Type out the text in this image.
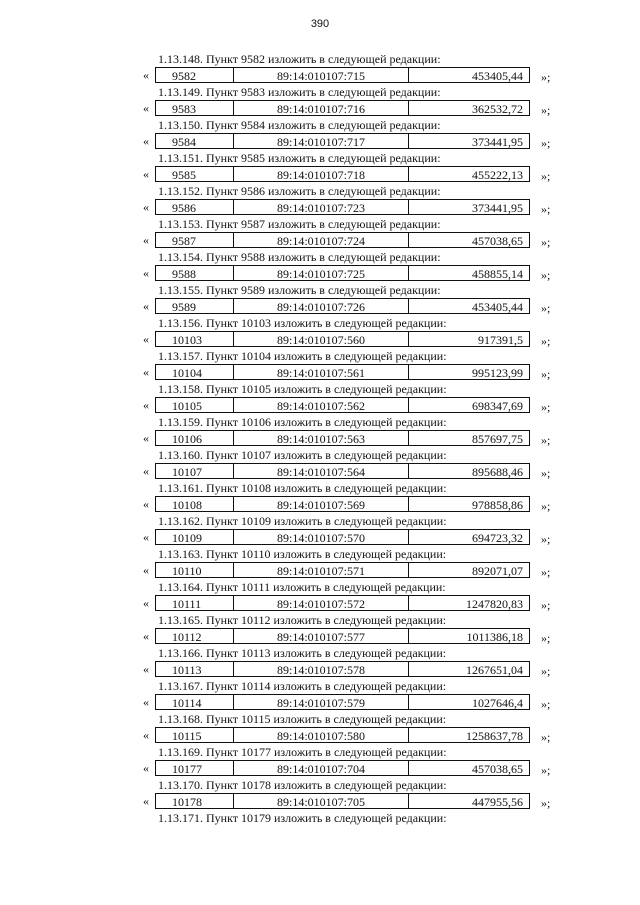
390
1.13.148. Пункт 9582 изложить в следующей редакции:
«	9582	89:14:010107:715	453405,44	»;
1.13.149. Пункт 9583 изложить в следующей редакции:
«	9583	89:14:010107:716	362532,72	»;
1.13.150. Пункт 9584 изложить в следующей редакции:
«	9584	89:14:010107:717	373441,95	»;
1.13.151. Пункт 9585 изложить в следующей редакции:
«	9585	89:14:010107:718	455222,13	»;
1.13.152. Пункт 9586 изложить в следующей редакции:
«	9586	89:14:010107:723	373441,95	»;
1.13.153. Пункт 9587 изложить в следующей редакции:
«	9587	89:14:010107:724	457038,65	»;
1.13.154. Пункт 9588 изложить в следующей редакции:
«	9588	89:14:010107:725	458855,14	»;
1.13.155. Пункт 9589 изложить в следующей редакции:
«	9589	89:14:010107:726	453405,44	»;
1.13.156. Пункт 10103 изложить в следующей редакции:
«	10103	89:14:010107:560	917391,5	»;
1.13.157. Пункт 10104 изложить в следующей редакции:
«	10104	89:14:010107:561	995123,99	»;
1.13.158. Пункт 10105 изложить в следующей редакции:
«	10105	89:14:010107:562	698347,69	»;
1.13.159. Пункт 10106 изложить в следующей редакции:
«	10106	89:14:010107:563	857697,75	»;
1.13.160. Пункт 10107 изложить в следующей редакции:
«	10107	89:14:010107:564	895688,46	»;
1.13.161. Пункт 10108 изложить в следующей редакции:
«	10108	89:14:010107:569	978858,86	»;
1.13.162. Пункт 10109 изложить в следующей редакции:
«	10109	89:14:010107:570	694723,32	»;
1.13.163. Пункт 10110 изложить в следующей редакции:
«	10110	89:14:010107:571	892071,07	»;
1.13.164. Пункт 10111 изложить в следующей редакции:
«	10111	89:14:010107:572	1247820,83	»;
1.13.165. Пункт 10112 изложить в следующей редакции:
«	10112	89:14:010107:577	1011386,18	»;
1.13.166. Пункт 10113 изложить в следующей редакции:
«	10113	89:14:010107:578	1267651,04	»;
1.13.167. Пункт 10114 изложить в следующей редакции:
«	10114	89:14:010107:579	1027646,4	»;
1.13.168. Пункт 10115 изложить в следующей редакции:
«	10115	89:14:010107:580	1258637,78	»;
1.13.169. Пункт 10177 изложить в следующей редакции:
«	10177	89:14:010107:704	457038,65	»;
1.13.170. Пункт 10178 изложить в следующей редакции:
«	10178	89:14:010107:705	447955,56	»;
1.13.171. Пункт 10179 изложить в следующей редакции:
